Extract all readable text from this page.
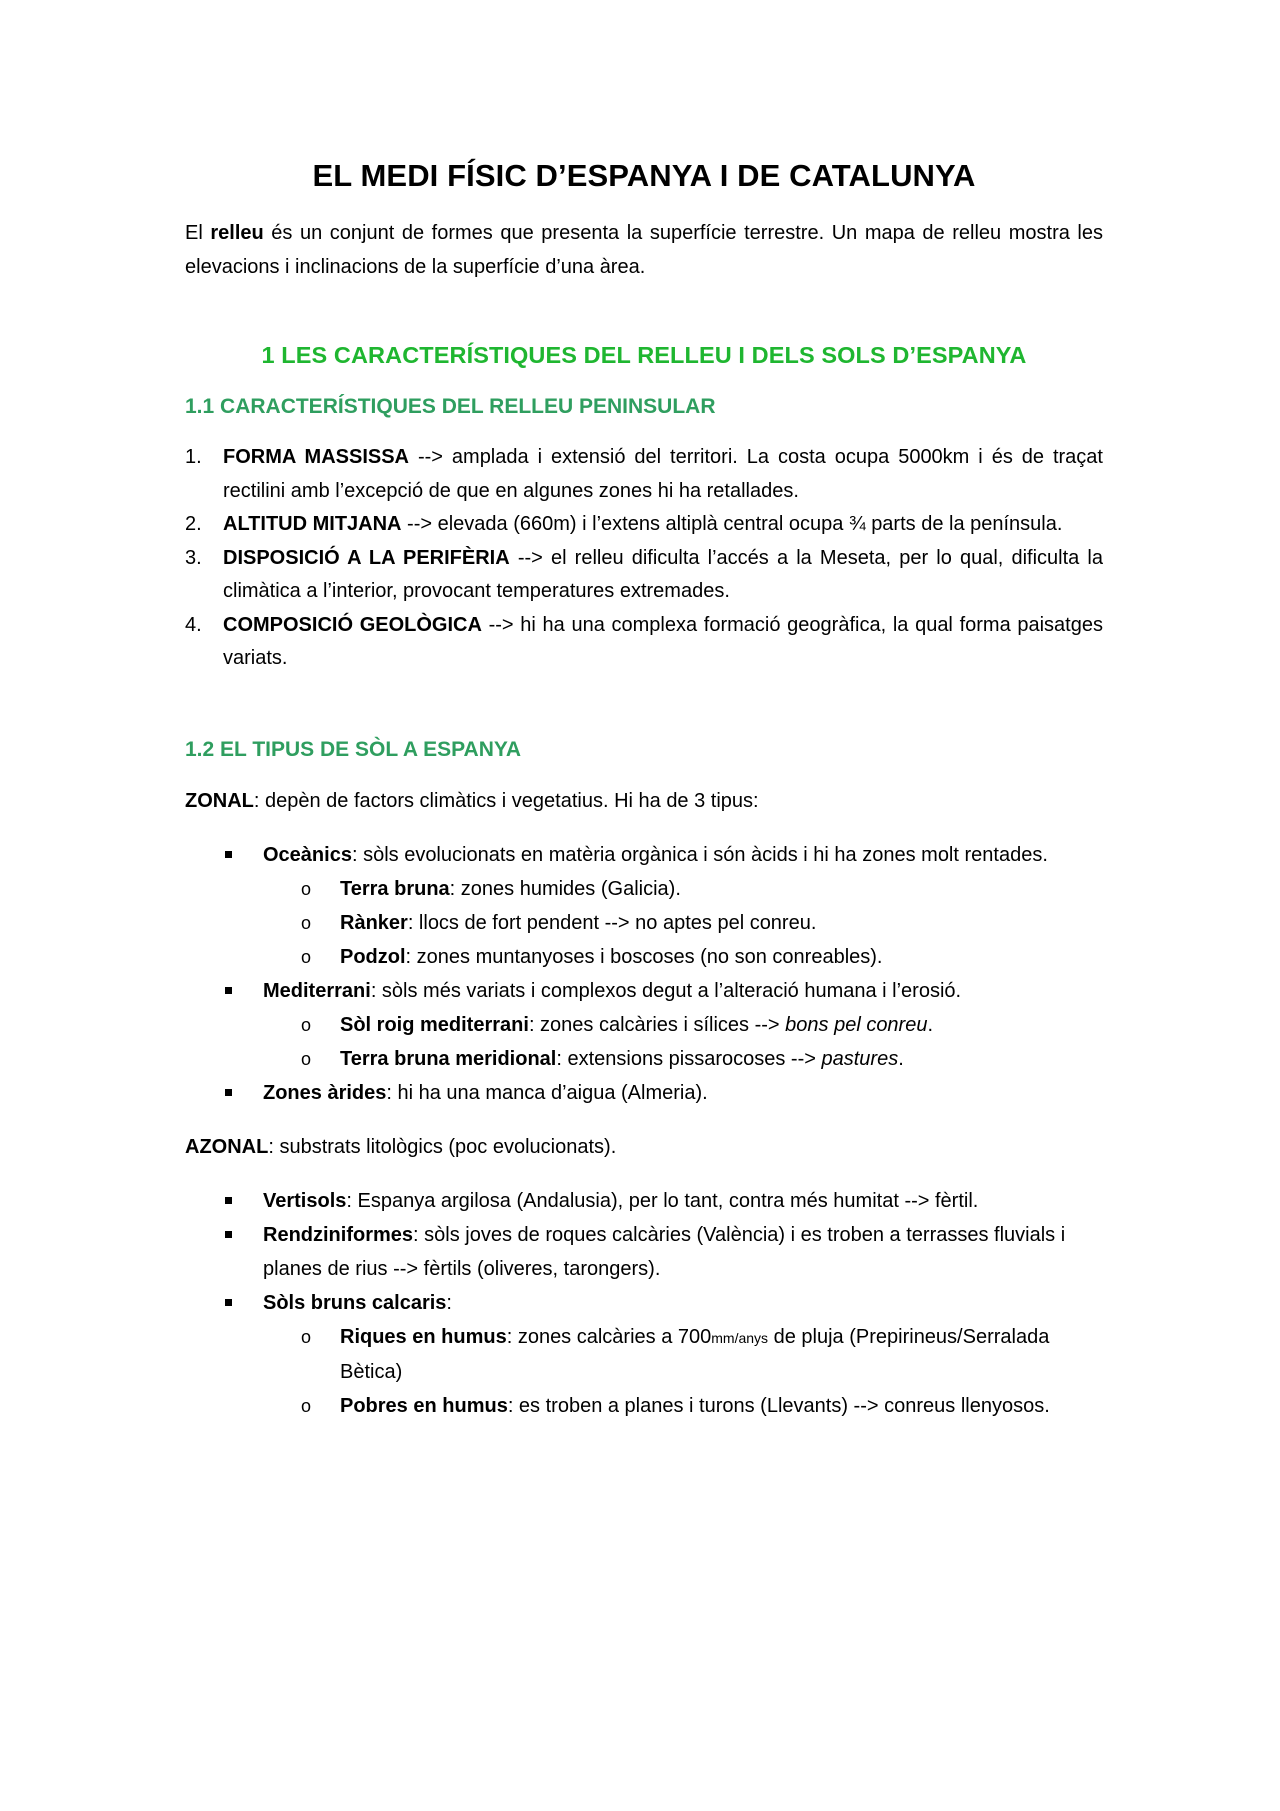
EL MEDI FÍSIC D’ESPANYA I DE CATALUNYA

El relleu és un conjunt de formes que presenta la superfície terrestre. Un mapa de relleu mostra les elevacions i inclinacions de la superfície d’una àrea.

1 LES CARACTERÍSTIQUES DEL RELLEU I DELS SOLS D’ESPANYA
1.1 CARACTERÍSTIQUES DEL RELLEU PENINSULAR
1. FORMA MASSISSA --> amplada i extensió del territori. La costa ocupa 5000km i és de traçat rectilini amb l’excepció de que en algunes zones hi ha retallades.
2. ALTITUD MITJANA --> elevada (660m) i l’extens altiplà central ocupa ¾ parts de la península.
3. DISPOSICIÓ A LA PERIFÈRIA --> el relleu dificulta l’accés a la Meseta, per lo qual, dificulta la climàtica a l’interior, provocant temperatures extremades.
4. COMPOSICIÓ GEOLÒGICA --> hi ha una complexa formació geogràfica, la qual forma paisatges variats.
1.2 EL TIPUS DE SÒL A ESPANYA

ZONAL: depèn de factors climàtics i vegetatius. Hi ha de 3 tipus:

Oceànics: sòls evolucionats en matèria orgànica i són àcids i hi ha zones molt rentades.
o Terra bruna: zones humides (Galicia).
o Rànker: llocs de fort pendent --> no aptes pel conreu.
o Podzol: zones muntanyoses i boscoses (no son conreables).
Mediterrani: sòls més variats i complexos degut a l’alteració humana i l’erosió.
o Sòl roig mediterrani: zones calcàries i sílices --> bons pel conreu.
o Terra bruna meridional: extensions pissarocoses --> pastures.
Zones àrides: hi ha una manca d’aigua (Almeria).

AZONAL: substrats litològics (poc evolucionats).

Vertisols: Espanya argilosa (Andalusia), per lo tant, contra més humitat --> fèrtil.
Rendziniformes: sòls joves de roques calcàries (València) i es troben a terrasses fluvials i planes de rius --> fèrtils (oliveres, tarongers).
Sòls bruns calcaris:
o Riques en humus: zones calcàries a 700mm/anys de pluja (Prepirineus/Serralada Bètica)
o Pobres en humus: es troben a planes i turons (Llevants) --> conreus llenyosos.
